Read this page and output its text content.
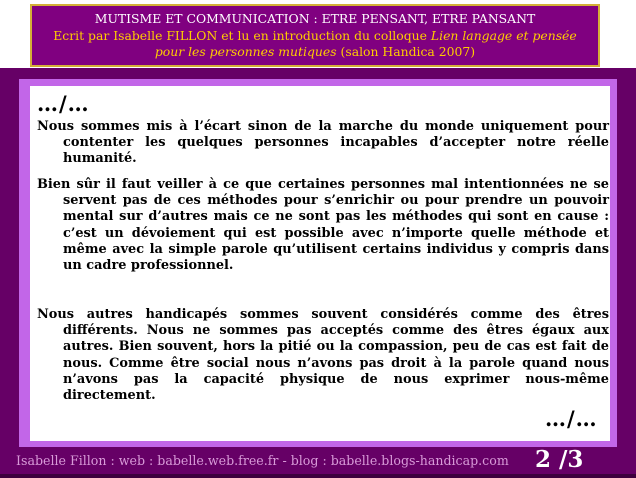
MUTISME ET COMMUNICATION : ETRE PENSANT, ETRE PANSANT
Ecrit par Isabelle FILLON et lu en introduction du colloque Lien langage et pensée pour les personnes mutiques (salon Handica 2007)
…/…

Nous sommes mis à l’écart sinon de la marche du monde uniquement pour contenter les quelques personnes incapables d’accepter notre réelle humanité.

Bien sûr il faut veiller à ce que certaines personnes mal intentionnées ne se servent pas de ces méthodes pour s’enrichir ou pour prendre un pouvoir mental sur d’autres mais ce ne sont pas les méthodes qui sont en cause : c’est un dévoiement qui est possible avec n’importe quelle méthode et même avec la simple parole qu’utilisent certains individus y compris dans un cadre professionnel.

Nous autres handicapés sommes souvent considérés comme des êtres différents. Nous ne sommes pas acceptés comme des êtres égaux aux autres. Bien souvent, hors la pitié ou la compassion, peu de cas est fait de nous. Comme être social nous n’avons pas droit à la parole quand nous n’avons pas la capacité physique de nous exprimer nous-même directement.

…/…
Isabelle Fillon : web : babelle.web.free.fr - blog : babelle.blogs-handicap.com 2 /3
